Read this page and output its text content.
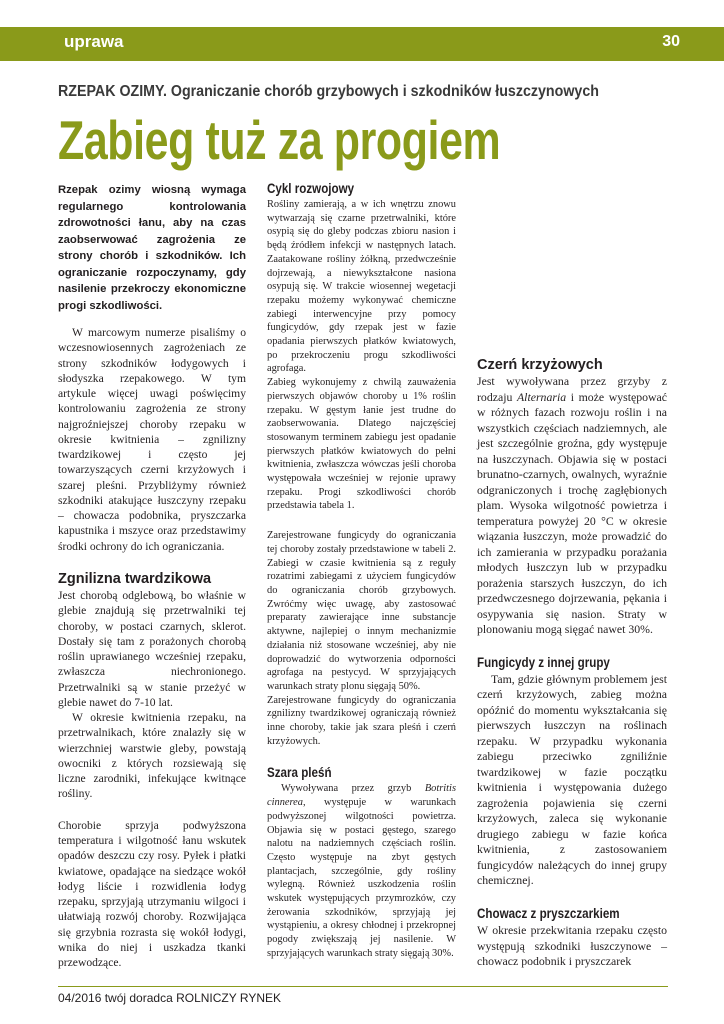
uprawa	30
RZEPAK OZIMY. Ograniczanie chorób grzybowych i szkodników łuszczynowych
Zabieg tuż za progiem

Rzepak ozimy wiosną wymaga regularnego kontrolowania zdrowotności łanu, aby na czas zaobserwować zagrożenia ze strony chorób i szkodników. Ich ograniczanie rozpoczynamy, gdy nasilenie przekroczy ekonomiczne progi szkodliwości.

W marcowym numerze pisaliśmy o wczesnowiosennych zagrożeniach ze strony szkodników łodygowych i słodyszka rzepakowego. W tym artykule więcej uwagi poświęcimy kontrolowaniu zagrożenia ze strony najgroźniejszej choroby rzepaku w okresie kwitnienia – zgnilizny twardzikowej i często jej towarzyszących czerni krzyżowych i szarej pleśni. Przybliżymy również szkodniki atakujące łuszczyny rzepaku – chowacza podobnika, pryszczarka kapustnika i mszyce oraz przedstawimy środki ochrony do ich ograniczania.

Zgnilizna twardzikowa

Jest chorobą odglebową, bo właśnie w glebie znajdują się przetrwalniki tej choroby, w postaci czarnych, sklerot. Dostały się tam z porażonych chorobą roślin uprawianego wcześniej rzepaku, zwłaszcza niechronionego. Przetrwalniki są w stanie przeżyć w glebie nawet do 7-10 lat.

W okresie kwitnienia rzepaku, na przetrwalnikach, które znalazły się w wierzchniej warstwie gleby, powstają owocniki z których rozsiewają się liczne zarodniki, infekujące kwitnące rośliny.

Chorobie sprzyja podwyższona temperatura i wilgotność łanu wskutek opadów deszczu czy rosy. Pyłek i płatki kwiatowe, opadające na siedzące wokół łodyg liście i rozwidlenia łodyg rzepaku, sprzyjają utrzymaniu wilgoci i ułatwiają rozwój choroby. Rozwijająca się grzybnia rozrasta się wokół łodygi, wnika do niej i uszkadza tkanki przewodzące.

Cykl rozwojowy

Rośliny zamierają, a w ich wnętrzu znowu wytwarzają się czarne przetrwalniki, które osypią się do gleby podczas zbioru nasion i będą źródłem infekcji w następnych latach. Zaatakowane rośliny żółkną, przedwcześnie dojrzewają, a niewykształcone nasiona osypują się. W trakcie wiosennej wegetacji rzepaku możemy wykonywać chemiczne zabiegi interwencyjne przy pomocy fungicydów, gdy rzepak jest w fazie opadania pierwszych płatków kwiatowych, po przekroczeniu progu szkodliwości agrofaga.

Zabieg wykonujemy z chwilą zauważenia pierwszych objawów choroby u 1% roślin rzepaku. W gęstym łanie jest trudne do zaobserwowania. Dlatego najczęściej stosowanym terminem zabiegu jest opadanie pierwszych płatków kwiatowych do pełni kwitnienia, zwłaszcza wówczas jeśli choroba występowała wcześniej w rejonie uprawy rzepaku. Progi szkodliwości chorób przedstawia tabela 1.

Zarejestrowane fungicydy do ograniczania tej choroby zostały przedstawione w tabeli 2. Zabiegi w czasie kwitnienia są z reguły rozatrimi zabiegami z użyciem fungicydów do ograniczania chorób grzybowych. Zwróćmy więc uwagę, aby zastosować preparaty zawierające inne substancje aktywne, najlepiej o innym mechanizmie działania niż stosowane wcześniej, aby nie doprowadzić do wytworzenia odporności agrofaga na pestycyd. W sprzyjających warunkach straty plonu sięgają 50%.

Zarejestrowane fungicydy do ograniczania zgnilizny twardzikowej ograniczają również inne choroby, takie jak szara pleśń i czerń krzyżowych.

Szara pleśń

Wywoływana przez grzyb Botritis cinnerea, występuje w warunkach podwyższonej wilgotności powietrza. Objawia się w postaci gęstego, szarego nalotu na nadziemnych częściach roślin. Często występuje na zbyt gęstych plantacjach, szczególnie, gdy rośliny wylegną. Również uszkodzenia roślin wskutek występujących przymrozków, czy żerowania szkodników, sprzyjają jej wystąpieniu, a okresy chłodnej i przekropnej pogody zwiększają jej nasilenie. W sprzyjających warunkach straty sięgają 30%.

Czerń krzyżowych

Jest wywoływana przez grzyby z rodzaju Alternaria i może występować w różnych fazach rozwoju roślin i na wszystkich częściach nadziemnych, ale jest szczególnie groźna, gdy występuje na łuszczynach. Objawia się w postaci brunatno-czarnych, owalnych, wyraźnie odgraniczonych i trochę zagłębionych plam. Wysoka wilgotność powietrza i temperatura powyżej 20 °C w okresie wiązania łuszczyn, może prowadzić do ich zamierania w przypadku porażania młodych łuszczyn lub w przypadku porażenia starszych łuszczyn, do ich przedwczesnego dojrzewania, pękania i osypywania się nasion. Straty w plonowaniu mogą sięgać nawet 30%.

Fungicydy z innej grupy

Tam, gdzie głównym problemem jest czerń krzyżowych, zabieg można opóźnić do momentu wykształcania się pierwszych łuszczyn na roślinach rzepaku. W przypadku wykonania zabiegu przeciwko zgniliźnie twardzikowej w fazie początku kwitnienia i występowania dużego zagrożenia pojawienia się czerni krzyżowych, zaleca się wykonanie drugiego zabiegu w fazie końca kwitnienia, z zastosowaniem fungicydów należących do innej grupy chemicznej.

Chowacz z pryszczarkiem

W okresie przekwitania rzepaku często występują szkodniki łuszczynowe – chowacz podobnik i pryszczarek

04/2016 twój doradca ROLNICZY RYNEK
